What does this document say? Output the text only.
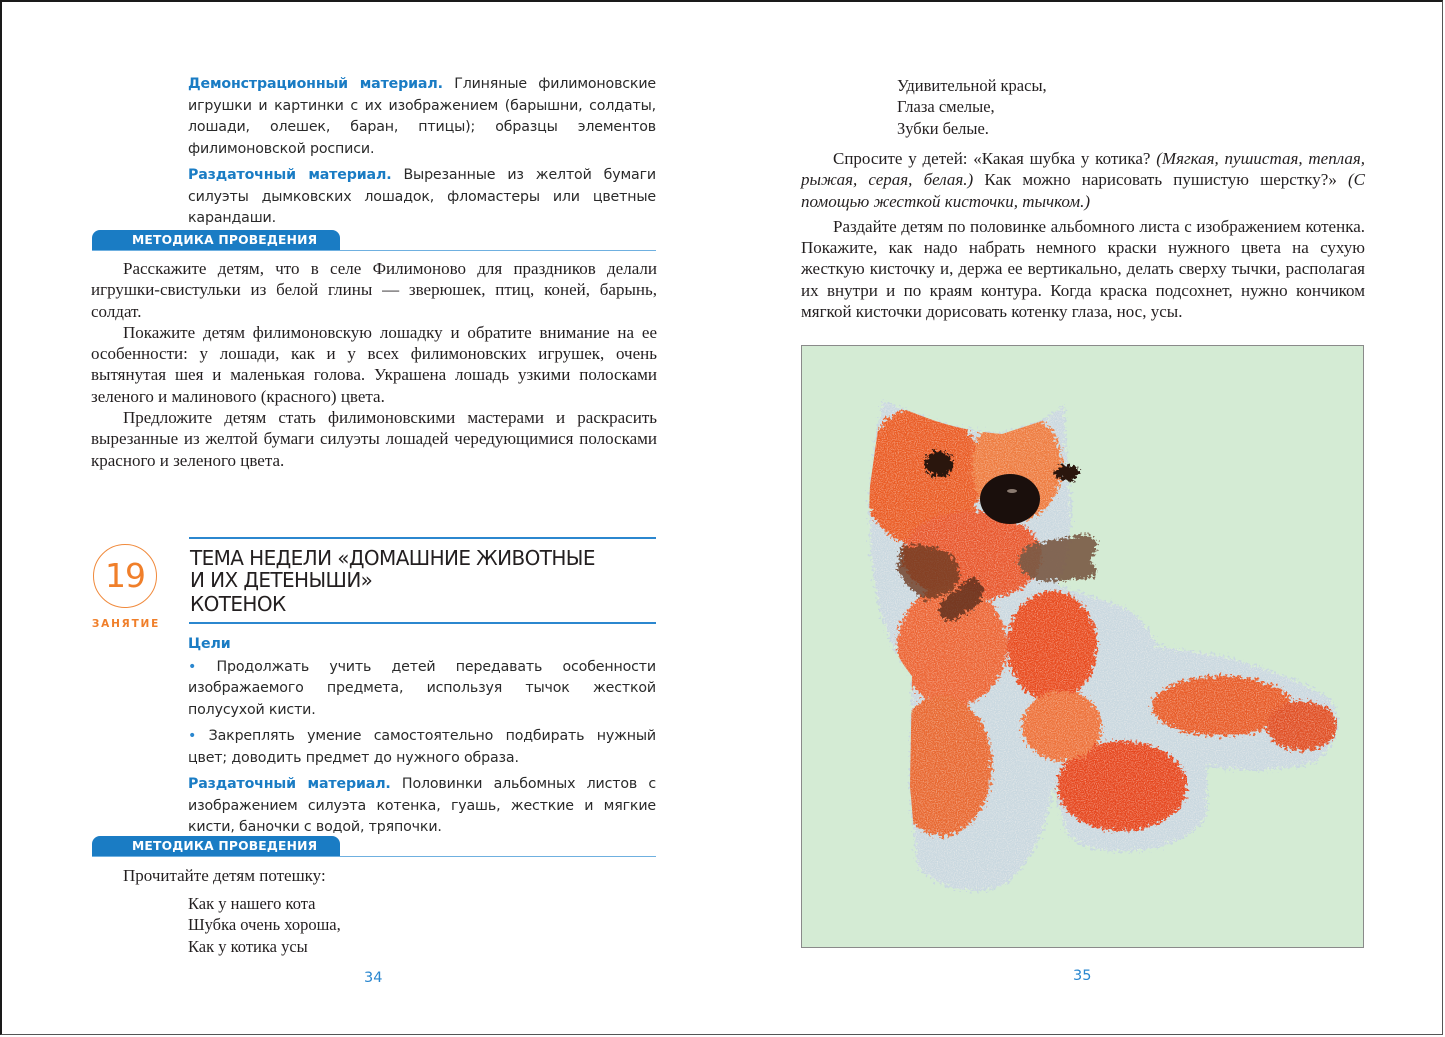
Демонстрационный материал. Глиняные филимоновские игрушки и картинки с их изображением (барышни, солдаты, лошади, олешек, баран, птицы); образцы элементов филимоновской росписи.

Раздаточный материал. Вырезанные из желтой бумаги силуэты дымковских лошадок, фломастеры или цветные карандаши.

МЕТОДИКА ПРОВЕДЕНИЯ

Расскажите детям, что в селе Филимоново для праздников делали игрушки-свистульки из белой глины — зверюшек, птиц, коней, барынь, солдат.

Покажите детям филимоновскую лошадку и обратите внимание на ее особенности: у лошади, как и у всех филимоновских игрушек, очень вытянутая шея и маленькая голова. Украшена лошадь узкими полосками зеленого и малинового (красного) цвета.

Предложите детям стать филимоновскими мастерами и раскрасить вырезанные из желтой бумаги силуэты лошадей чередующимися полосками красного и зеленого цвета.

19
ЗАНЯТИЕ
ТЕМА НЕДЕЛИ «ДОМАШНИЕ ЖИВОТНЫЕ
И ИХ ДЕТЕНЫШИ»
КОТЕНОК

Цели

• Продолжать учить детей передавать особенности изображаемого предмета, используя тычок жесткой полусухой кисти.

• Закреплять умение самостоятельно подбирать нужный цвет; доводить предмет до нужного образа.

Раздаточный материал. Половинки альбомных листов с изображением силуэта котенка, гуашь, жесткие и мягкие кисти, баночки с водой, тряпочки.

МЕТОДИКА ПРОВЕДЕНИЯ

Прочитайте детям потешку:

Как у нашего кота
Шубка очень хороша,
Как у котика усы
34
Удивительной красы,
Глаза смелые,
Зубки белые.

Спросите у детей: «Какая шубка у котика? (Мягкая, пушистая, теплая, рыжая, серая, белая.) Как можно нарисовать пушистую шерстку?» (С помощью жесткой кисточки, тычком.)

Раздайте детям по половинке альбомного листа с изображением котенка. Покажите, как надо набрать немного краски нужного цвета на сухую жесткую кисточку и, держа ее вертикально, делать сверху тычки, располагая их внутри и по краям контура. Когда краска подсохнет, нужно кончиком мягкой кисточки дорисовать котенку глаза, нос, усы.

35
